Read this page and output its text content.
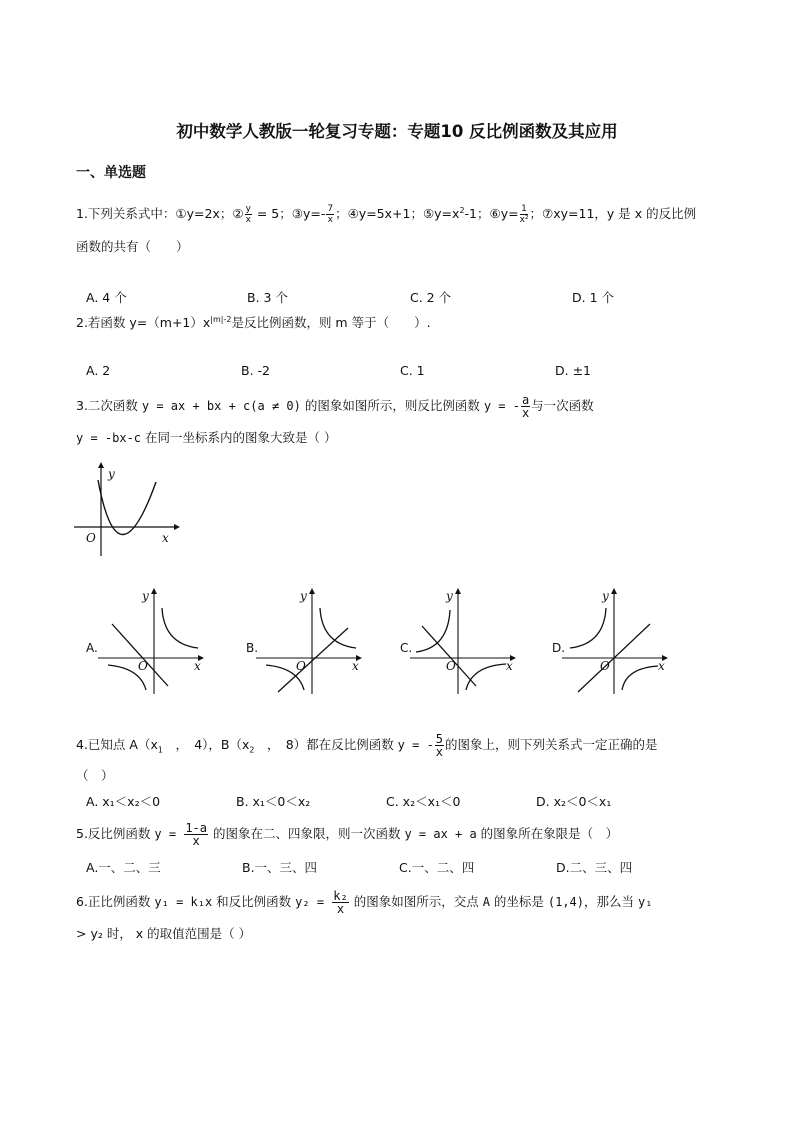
初中数学人教版一轮复习专题：专题10 反比例函数及其应用
一、单选题
1.下列关系式中：①y=2x；② $\frac{y}{x} = 5$；③y=- $\frac{7}{x}$ ；④y=5x+1；$⑤y=x^2-1$；⑥y= $\frac{1}{\text{x²}}$ ；⑦xy=11，y 是 x 的反比例
函数的共有（　　）
A. 4 个	B. 3 个	C. 2 个	D. 1 个
2.若函数 $y=(m+1)x^{|m|-2}$是反比例函数，则 m 等于（　　）.
A. 2	B. -2	C. 1	D. ±1
3.二次函数 y = ax + bx + c(a ≠ 0) 的图象如图所示，则反比例函数 y = - $\frac{a}{x}$ 与一次函数
y = -bx-c 在同一坐标系内的图象大致是（ ）
y
O	x
A.
y
O	x
B.
y
O	x
C.
y
O	x
D.
y
O	x
4.已知点 $A(x_1$　，　4），$B(x_2$　，　8）都在反比例函数 y = - $\frac{5}{x}$ 的图象上，则下列关系式一定正确的是
（　）
A. x₁＜x₂＜0	B. x₁＜0＜x₂	C. x₂＜x₁＜0	D. x₂＜0＜x₁
5.反比例函数 $y = \frac{1-a}{x}$ 的图象在二、四象限，则一次函数 y = ax + a 的图象所在象限是（　）
A.一、二、三	B.一、三、四	C.一、二、四	D.二、三、四
6.正比例函数 y₁ = k₁x 和反比例函数 $y_2 = \frac{\text{k₂}}{x}$ 的图象如图所示，交点 A 的坐标是 (1,4)，那么当 y₁
> y₂ 时， x 的取值范围是（ ）
